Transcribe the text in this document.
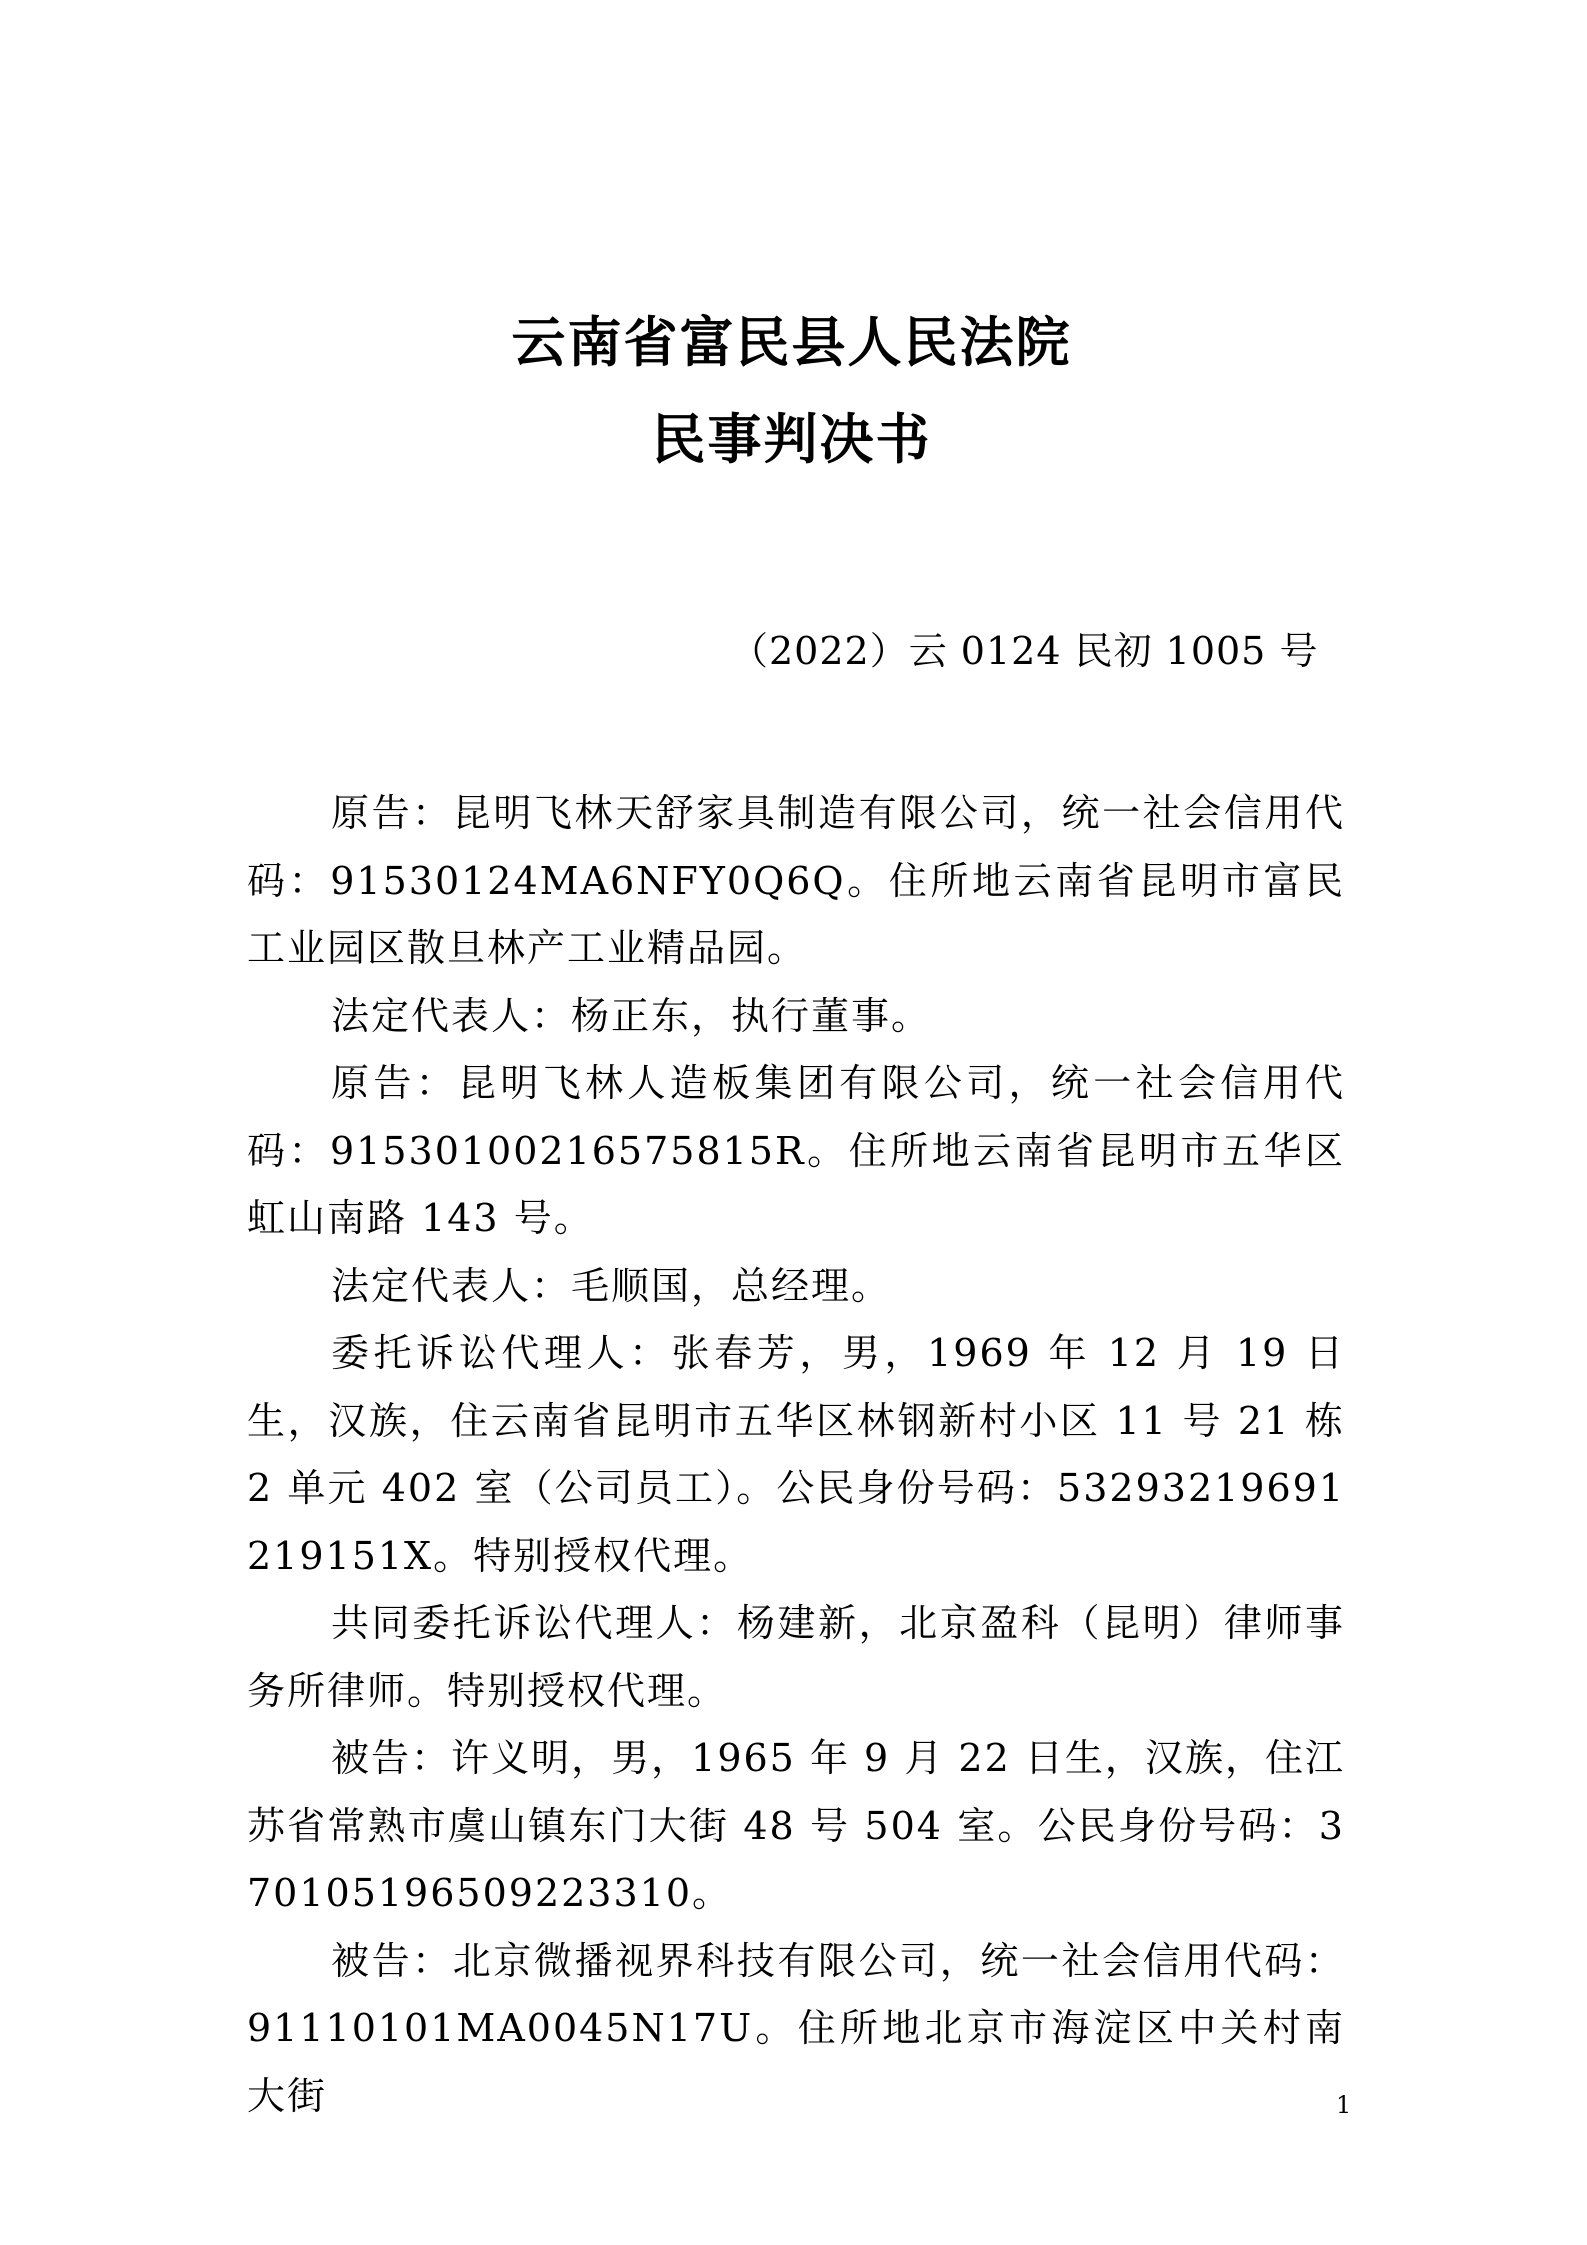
云南省富民县人民法院
民事判决书

（2022）云 0124 民初 1005 号

原告：昆明飞林天舒家具制造有限公司，统一社会信用代码：91530124MA6NFY0Q6Q。住所地云南省昆明市富民工业园区散旦林产工业精品园。

法定代表人：杨正东，执行董事。

原告：昆明飞林人造板集团有限公司，统一社会信用代码：91530100216575815R。住所地云南省昆明市五华区虹山南路 143 号。

法定代表人：毛顺国，总经理。

委托诉讼代理人：张春芳，男，1969 年 12 月 19 日生，汉族，住云南省昆明市五华区林钢新村小区 11 号 21 栋 2 单元 402 室（公司员工）。公民身份号码：53293219691219151X。特别授权代理。

共同委托诉讼代理人：杨建新，北京盈科（昆明）律师事务所律师。特别授权代理。

被告：许义明，男，1965 年 9 月 22 日生，汉族，住江苏省常熟市虞山镇东门大街 48 号 504 室。公民身份号码：370105196509223310。

被告：北京微播视界科技有限公司，统一社会信用代码：91110101MA0045N17U。住所地北京市海淀区中关村南大街	1
